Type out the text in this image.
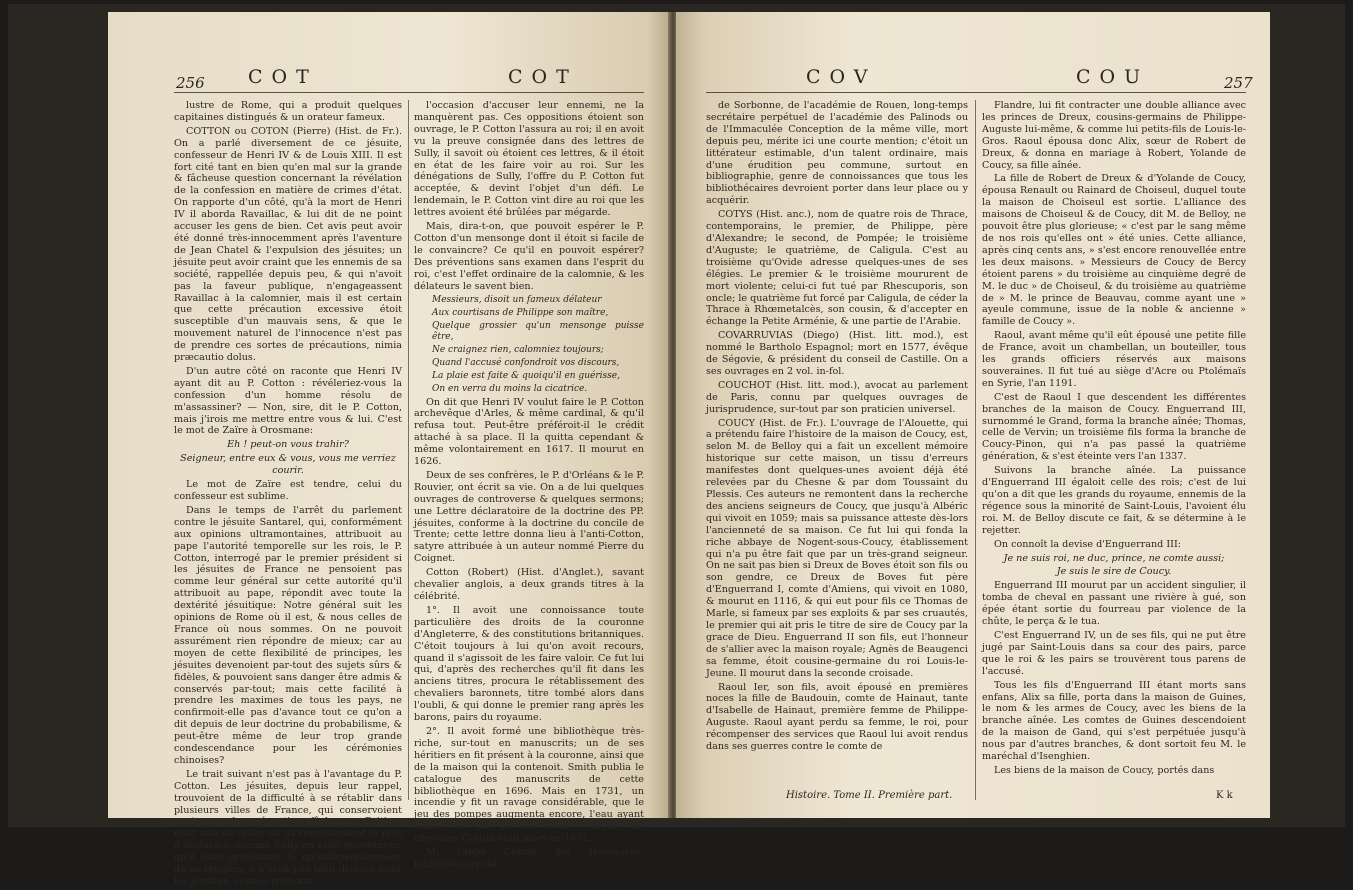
256 COT	COT

lustre de Rome, qui a produit quelques capitaines distingués & un orateur fameux.

COTTON ou COTON (Pierre) (Hist. de Fr.). On a parlé diversement de ce jésuite, confesseur de Henri IV & de Louis XIII. Il est fort cité tant en bien qu'en mal sur la grande & fâcheuse question concernant la révélation de la confession en matière de crimes d'état. On rapporte d'un côté, qu'à la mort de Henri IV il aborda Ravaillac, & lui dit de ne point accuser les gens de bien. Cet avis peut avoir été donné très-innocemment après l'aventure de Jean Chatel & l'expulsion des jésuites; un jésuite peut avoir craint que les ennemis de sa société, rappellée depuis peu, & qui n'avoit pas la faveur publique, n'engageassent Ravaillac à la calomnier, mais il est certain que cette précaution excessive étoit susceptible d'un mauvais sens, & que le mouvement naturel de l'innocence n'est pas de prendre ces sortes de précautions, nimia præcautio dolus.

D'un autre côté on raconte que Henri IV ayant dit au P. Cotton : révéleriez-vous la confession d'un homme résolu de m'assassiner? — Non, sire, dit le P. Cotton, mais j'irois me mettre entre vous & lui. C'est le mot de Zaïre à Orosmane:

Eh ! peut-on vous trahir?

Seigneur, entre eux & vous, vous me verriez courir.

Le mot de Zaïre est tendre, celui du confesseur est sublime.

Dans le temps de l'arrêt du parlement contre le jésuite Santarel, qui, conformément aux opinions ultramontaines, attribuoit au pape l'autorité temporelle sur les rois, le P. Cotton, interrogé par le premier président si les jésuites de France ne pensoient pas comme leur général sur cette autorité qu'il attribuoit au pape, répondit avec toute la dextérité jésuitique: Notre général suit les opinions de Rome où il est, & nous celles de France où nous sommes. On ne pouvoit assurément rien répondre de mieux; car au moyen de cette flexibilité de principes, les jésuites devenoient par-tout des sujets sûrs & fidèles, & pouvoient sans danger être admis & conservés par-tout; mais cette facilité à prendre les maximes de tous les pays, ne confirmoit-elle pas d'avance tout ce qu'on a dit depuis de leur doctrine du probabilisme, & peut-être même de leur trop grande condescendance pour les cérémonies chinoises?

Le trait suivant n'est pas à l'avantage du P. Cotton. Les jésuites, depuis leur rappel, trouvoient de la difficulté à se rétablir dans plusieurs villes de France, qui conservoient contre eux des préventions fâcheuses. Poitiers étoit une de celles où ils rencontroient le plus d'obstacles: comme Sully en étoit gouverneur, qu'il étoit protestant, & qu'indépendamment de sa religion, il n'étoit pas bien disposé pour les jésuites, ceux-ci trouvant

l'occasion d'accuser leur ennemi, ne la manquèrent pas. Ces oppositions étoient son ouvrage, le P. Cotton l'assura au roi; il en avoit vu la preuve consignée dans des lettres de Sully, il savoit où étoient ces lettres, & il étoit en état de les faire voir au roi. Sur les dénégations de Sully, l'offre du P. Cotton fut acceptée, & devint l'objet d'un défi. Le lendemain, le P. Cotton vint dire au roi que les lettres avoient été brûlées par mégarde.

Mais, dira-t-on, que pouvoit espérer le P. Cotton d'un mensonge dont il étoit si facile de le convaincre? Ce qu'il en pouvoit espérer? Des préventions sans examen dans l'esprit du roi, c'est l'effet ordinaire de la calomnie, & les délateurs le savent bien.

Messieurs, disoit un fameux délateur

Aux courtisans de Philippe son maître,

Quelque grossier qu'un mensonge puisse être,

Ne craignez rien, calomniez toujours;

Quand l'accusé confondroit vos discours,

La plaie est faite & quoiqu'il en guérisse,

On en verra du moins la cicatrice.

On dit que Henri IV voulut faire le P. Cotton archevêque d'Arles, & même cardinal, & qu'il refusa tout. Peut-être préféroit-il le crédit attaché à sa place. Il la quitta cependant & même volontairement en 1617. Il mourut en 1626.

Deux de ses confrères, le P. d'Orléans & le P. Rouvier, ont écrit sa vie. On a de lui quelques ouvrages de controverse & quelques sermons; une Lettre déclaratoire de la doctrine des PP. jésuites, conforme à la doctrine du concile de Trente; cette lettre donna lieu à l'anti-Cotton, satyre attribuée à un auteur nommé Pierre du Coignet.

Cotton (Robert) (Hist. d'Anglet.), savant chevalier anglois, a deux grands titres à la célébrité.

1°. Il avoit une connoissance toute particulière des droits de la couronne d'Angleterre, & des constitutions britanniques. C'étoit toujours à lui qu'on avoit recours, quand il s'agissoit de les faire valoir. Ce fut lui qui, d'après des recherches qu'il fit dans les anciens titres, procura le rétablissement des chevaliers baronnets, titre tombé alors dans l'oubli, & qui donne le premier rang après les barons, pairs du royaume.

2°. Il avoit formé une bibliothèque très-riche, sur-tout en manuscrits; un de ses héritiers en fit présent à la couronne, ainsi que de la maison qui la contenoit. Smith publia le catalogue des manuscrits de cette bibliothèque en 1696. Mais en 1731, un incendie y fit un ravage considérable, que le jeu des pompes augmenta encore, l'eau ayant effacé ce que le feu avoit épargné. Le chevalier Cotton étoit mort en 1631.

M. l'abbé Cotton des Houssayes, bibliothécaire de

COV	COU	257

de Sorbonne, de l'académie de Rouen, long-temps secrétaire perpétuel de l'académie des Palinods ou de l'Immaculée Conception de la même ville, mort depuis peu, mérite ici une courte mention; c'étoit un littérateur estimable, d'un talent ordinaire, mais d'une érudition peu commune, surtout en bibliographie, genre de connoissances que tous les bibliothécaires devroient porter dans leur place ou y acquérir.

COTYS (Hist. anc.), nom de quatre rois de Thrace, contemporains, le premier, de Philippe, père d'Alexandre; le second, de Pompée; le troisième d'Auguste; le quatrième, de Caligula. C'est au troisième qu'Ovide adresse quelques-unes de ses élégies. Le premier & le troisième moururent de mort violente; celui-ci fut tué par Rhescuporis, son oncle; le quatrième fut forcé par Caligula, de céder la Thrace à Rhœmetalcès, son cousin, & d'accepter en échange la Petite Arménie, & une partie de l'Arabie.

COVARRUVIAS (Diego) (Hist. litt. mod.), est nommé le Bartholo Espagnol; mort en 1577, évêque de Ségovie, & président du conseil de Castille. On a ses ouvrages en 2 vol. in-fol.

COUCHOT (Hist. litt. mod.), avocat au parlement de Paris, connu par quelques ouvrages de jurisprudence, sur-tout par son praticien universel.

COUCY (Hist. de Fr.). L'ouvrage de l'Alouette, qui a prétendu faire l'histoire de la maison de Coucy, est, selon M. de Belloy qui a fait un excellent mémoire historique sur cette maison, un tissu d'erreurs manifestes dont quelques-unes avoient déjà été relevées par du Chesne & par dom Toussaint du Plessis. Ces auteurs ne remontent dans la recherche des anciens seigneurs de Coucy, que jusqu'à Albéric qui vivoit en 1059; mais sa puissance atteste dès-lors l'ancienneté de sa maison. Ce fut lui qui fonda la riche abbaye de Nogent-sous-Coucy, établissement qui n'a pu être fait que par un très-grand seigneur. On ne sait pas bien si Dreux de Boves étoit son fils ou son gendre, ce Dreux de Boves fut père d'Enguerrand I, comte d'Amiens, qui vivoit en 1080, & mourut en 1116, & qui eut pour fils ce Thomas de Marle, si fameux par ses exploits & par ses cruautés, le premier qui ait pris le titre de sire de Coucy par la grace de Dieu. Enguerrand II son fils, eut l'honneur de s'allier avec la maison royale; Agnès de Beaugenci sa femme, étoit cousine-germaine du roi Louis-le-Jeune. Il mourut dans la seconde croisade.

Raoul Ier, son fils, avoit épousé en premières noces la fille de Baudouin, comte de Hainaut, tante d'Isabelle de Hainaut, première femme de Philippe-Auguste. Raoul ayant perdu sa femme, le roi, pour récompenser des services que Raoul lui avoit rendus dans ses guerres contre le comte de

Flandre, lui fit contracter une double alliance avec les princes de Dreux, cousins-germains de Philippe-Auguste lui-même, & comme lui petits-fils de Louis-le-Gros. Raoul épousa donc Alix, sœur de Robert de Dreux, & donna en mariage à Robert, Yolande de Coucy, sa fille aînée.

La fille de Robert de Dreux & d'Yolande de Coucy, épousa Renault ou Rainard de Choiseul, duquel toute la maison de Choiseul est sortie. L'alliance des maisons de Choiseul & de Coucy, dit M. de Belloy, ne pouvoit être plus glorieuse; « c'est par le sang même de nos rois qu'elles ont » été unies. Cette alliance, après cinq cents ans, » s'est encore renouvellée entre les deux maisons. » Messieurs de Coucy de Bercy étoient parens » du troisième au cinquième degré de M. le duc » de Choiseul, & du troisième au quatrième de » M. le prince de Beauvau, comme ayant une » ayeule commune, issue de la noble & ancienne » famille de Coucy ».

Raoul, avant même qu'il eût épousé une petite fille de France, avoit un chambellan, un bouteiller, tous les grands officiers réservés aux maisons souveraines. Il fut tué au siège d'Acre ou Ptolémaïs en Syrie, l'an 1191.

C'est de Raoul I que descendent les différentes branches de la maison de Coucy. Enguerrand III, surnommé le Grand, forma la branche aînée; Thomas, celle de Vervin; un troisième fils forma la branche de Coucy-Pinon, qui n'a pas passé la quatrième génération, & s'est éteinte vers l'an 1337.

Suivons la branche aînée. La puissance d'Enguerrand III égaloit celle des rois; c'est de lui qu'on a dit que les grands du royaume, ennemis de la régence sous la minorité de Saint-Louis, l'avoient élu roi. M. de Belloy discute ce fait, & se détermine à le rejetter.

On connoît la devise d'Enguerrand III:

Je ne suis roi, ne duc, prince, ne comte aussi;

Je suis le sire de Coucy.

Enguerrand III mourut par un accident singulier, il tomba de cheval en passant une rivière à gué, son épée étant sortie du fourreau par violence de la chûte, le perça & le tua.

C'est Enguerrand IV, un de ses fils, qui ne put être jugé par Saint-Louis dans sa cour des pairs, parce que le roi & les pairs se trouvèrent tous parens de l'accusé.

Tous les fils d'Enguerrand III étant morts sans enfans, Alix sa fille, porta dans la maison de Guines, le nom & les armes de Coucy, avec les biens de la branche aînée. Les comtes de Guines descendoient de la maison de Gand, qui s'est perpétuée jusqu'à nous par d'autres branches, & dont sortoit feu M. le maréchal d'Isenghien.

Les biens de la maison de Coucy, portés dans

Histoire. Tome II. Première part.	K k
